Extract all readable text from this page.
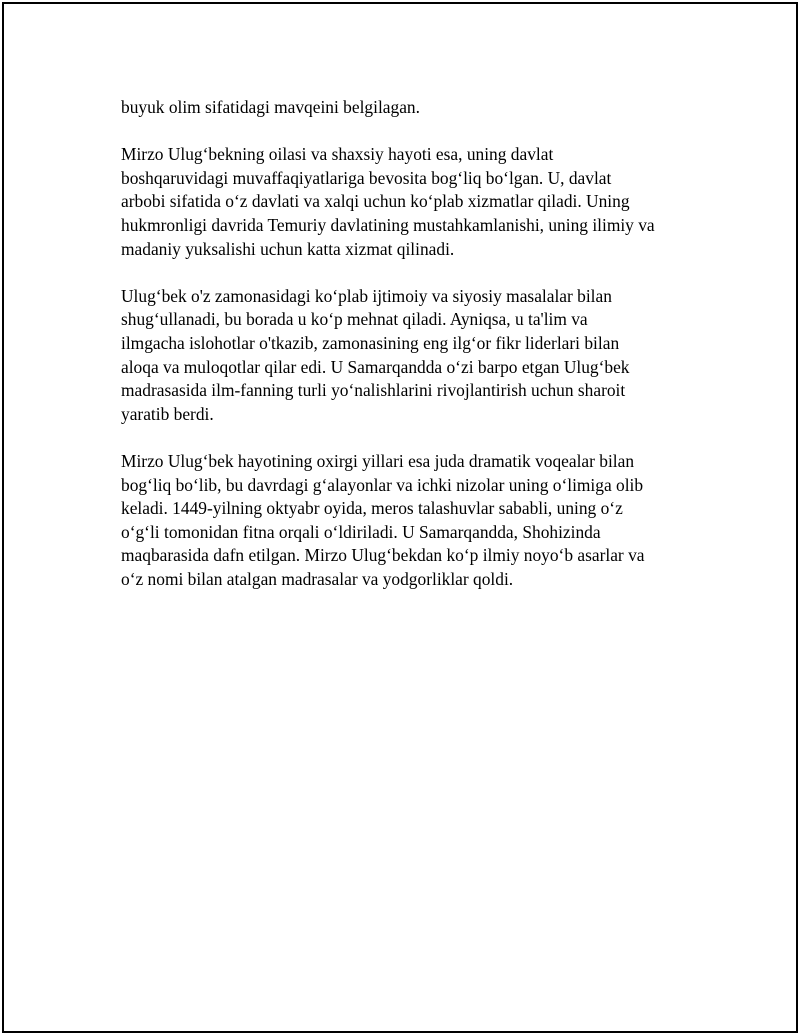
buyuk olim sifatidagi mavqeini belgilagan.

Mirzo Ulug‘bekning oilasi va shaxsiy hayoti esa, uning davlat
boshqaruvidagi muvaffaqiyatlariga bevosita bog‘liq bo‘lgan. U, davlat
arbobi sifatida o‘z davlati va xalqi uchun ko‘plab xizmatlar qiladi. Uning
hukmronligi davrida Temuriy davlatining mustahkamlanishi, uning ilimiy va
madaniy yuksalishi uchun katta xizmat qilinadi.

Ulug‘bek o'z zamonasidagi ko‘plab ijtimoiy va siyosiy masalalar bilan
shug‘ullanadi, bu borada u ko‘p mehnat qiladi. Ayniqsa, u ta'lim va
ilmgacha islohotlar o'tkazib, zamonasining eng ilg‘or fikr liderlari bilan
aloqa va muloqotlar qilar edi. U Samarqandda o‘zi barpo etgan Ulug‘bek
madrasasida ilm-fanning turli yo‘nalishlarini rivojlantirish uchun sharoit
yaratib berdi.

Mirzo Ulug‘bek hayotining oxirgi yillari esa juda dramatik voqealar bilan
bog‘liq bo‘lib, bu davrdagi g‘alayonlar va ichki nizolar uning o‘limiga olib
keladi. 1449-yilning oktyabr oyida, meros talashuvlar sababli, uning o‘z
o‘g‘li tomonidan fitna orqali o‘ldiriladi. U Samarqandda, Shohizinda
maqbarasida dafn etilgan. Mirzo Ulug‘bekdan ko‘p ilmiy noyo‘b asarlar va
o‘z nomi bilan atalgan madrasalar va yodgorliklar qoldi.
